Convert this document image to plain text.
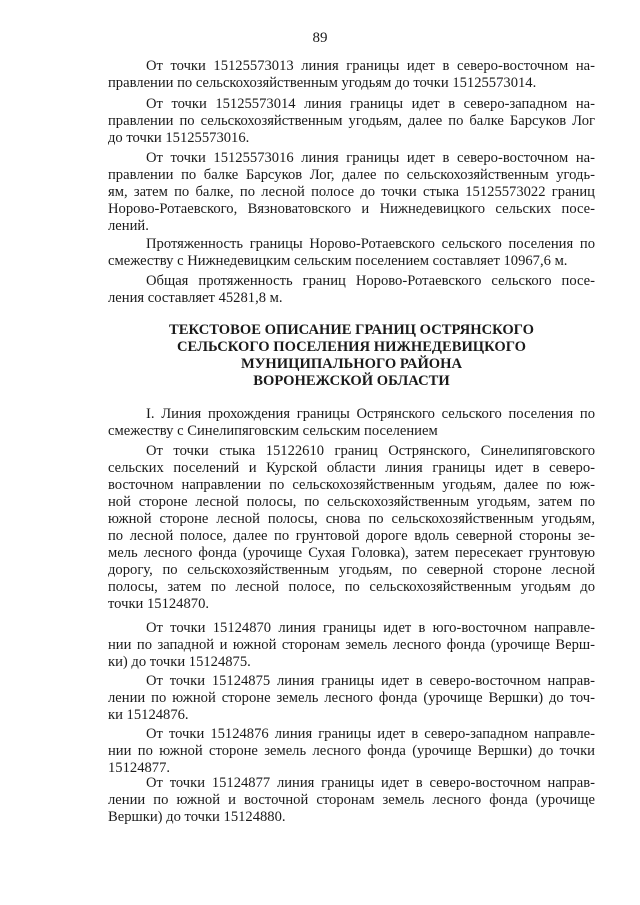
89
От точки 15125573013 линия границы идет в северо-восточном на-
правлении по сельскохозяйственным угодьям до точки 15125573014.
От точки 15125573014 линия границы идет в северо-западном на-
правлении по сельскохозяйственным угодьям, далее по балке Барсуков Лог
до точки 15125573016.
От точки 15125573016 линия границы идет в северо-восточном на-
правлении по балке Барсуков Лог, далее по сельскохозяйственным угодь-
ям, затем по балке, по лесной полосе до точки стыка 15125573022 границ
Норово-Ротаевского, Вязноватовского и Нижнедевицкого сельских посе-
лений.
Протяженность границы Норово-Ротаевского сельского поселения по
смежеству с Нижнедевицким сельским поселением составляет 10967,6 м.
Общая протяженность границ Норово-Ротаевского сельского посе-
ления составляет 45281,8 м.
ТЕКСТОВОЕ ОПИСАНИЕ ГРАНИЦ ОСТРЯНСКОГО
СЕЛЬСКОГО ПОСЕЛЕНИЯ НИЖНЕДЕВИЦКОГО
МУНИЦИПАЛЬНОГО РАЙОНА
ВОРОНЕЖСКОЙ ОБЛАСТИ
I. Линия прохождения границы Острянского сельского поселения по
смежеству с Синелипяговским сельским поселением
От точки стыка 15122610 границ Острянского, Синелипяговского
сельских поселений и Курской области линия границы идет в северо-
восточном направлении по сельскохозяйственным угодьям, далее по юж-
ной стороне лесной полосы, по сельскохозяйственным угодьям, затем по
южной стороне лесной полосы, снова по сельскохозяйственным угодьям,
по лесной полосе, далее по грунтовой дороге вдоль северной стороны зе-
мель лесного фонда (урочище Сухая Головка), затем пересекает грунтовую
дорогу, по сельскохозяйственным угодьям, по северной стороне лесной
полосы, затем по лесной полосе, по сельскохозяйственным угодьям до
точки 15124870.
От точки 15124870 линия границы идет в юго-восточном направле-
нии по западной и южной сторонам земель лесного фонда (урочище Верш-
ки) до точки 15124875.
От точки 15124875 линия границы идет в северо-восточном направ-
лении по южной стороне земель лесного фонда (урочище Вершки) до точ-
ки 15124876.
От точки 15124876 линия границы идет в северо-западном направле-
нии по южной стороне земель лесного фонда (урочище Вершки) до точки
15124877.
От точки 15124877 линия границы идет в северо-восточном направ-
лении по южной и восточной сторонам земель лесного фонда (урочище
Вершки) до точки 15124880.
